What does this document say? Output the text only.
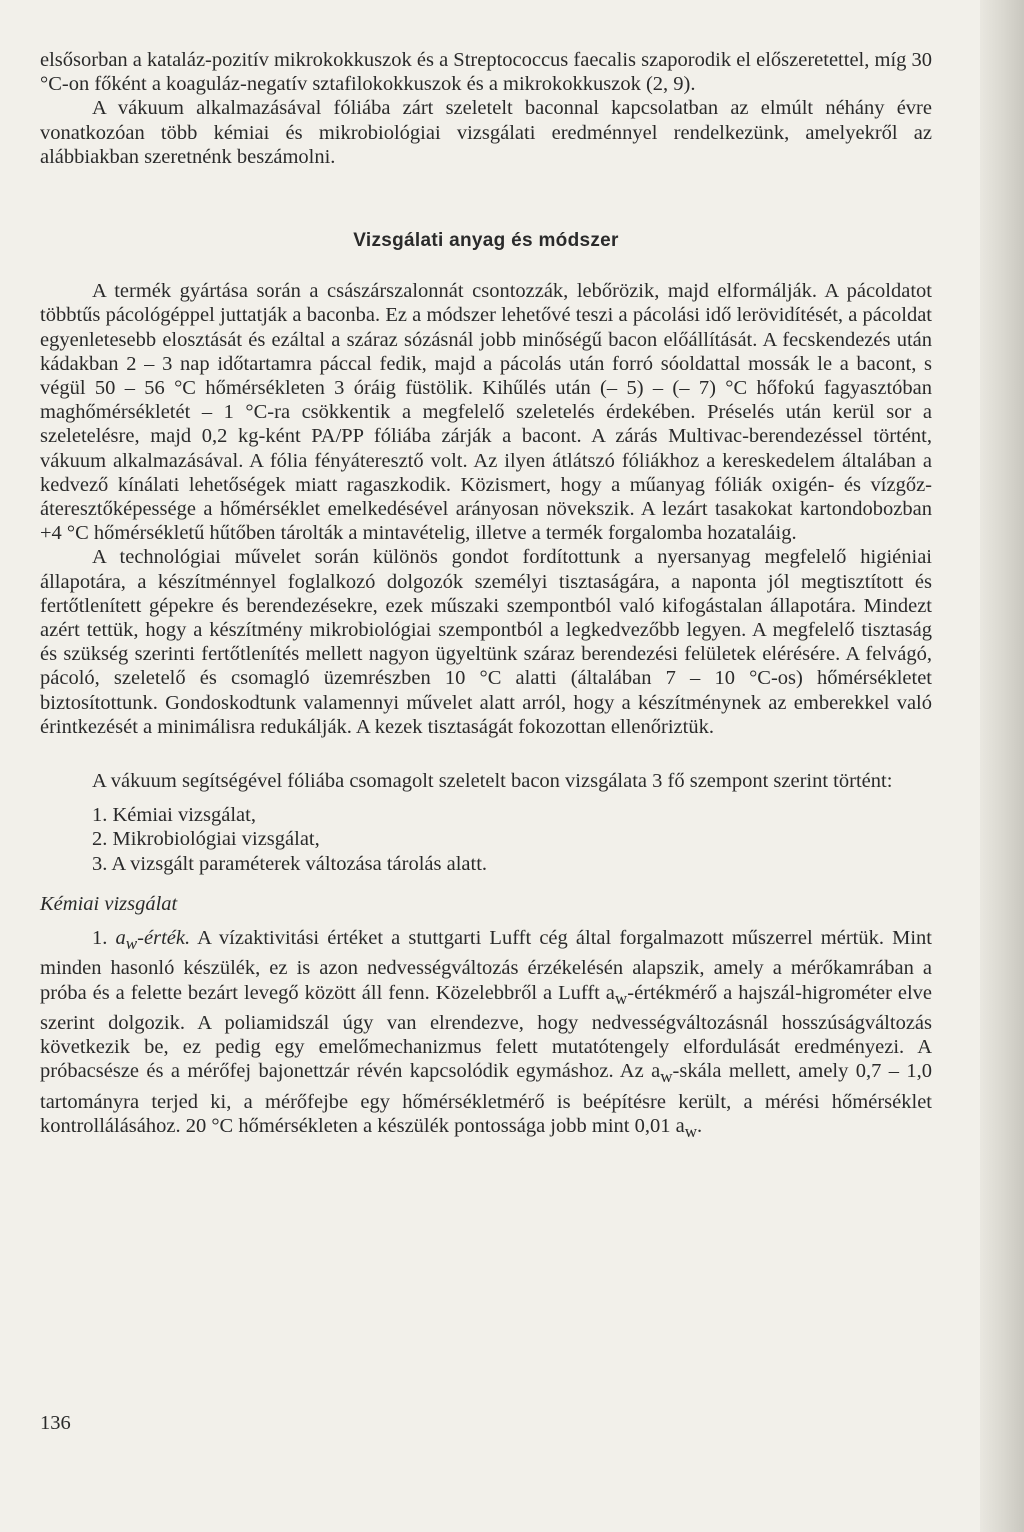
elsősorban a kataláz-pozitív mikrokokkuszok és a Streptococcus faecalis szaporodik el előszeretettel, míg 30 °C-on főként a koaguláz-negatív sztafilokokkuszok és a mikrokokkuszok (2, 9).

A vákuum alkalmazásával fóliába zárt szeletelt baconnal kapcsolatban az elmúlt néhány évre vonatkozóan több kémiai és mikrobiológiai vizsgálati eredménnyel rendelkezünk, amelyekről az alábbiakban szeretnénk beszámolni.

Vizsgálati anyag és módszer

A termék gyártása során a császárszalonnát csontozzák, lebőrözik, majd elformálják. A pácoldatot többtűs pácológéppel juttatják a baconba. Ez a módszer lehetővé teszi a pácolási idő lerövidítését, a pácoldat egyenletesebb elosztását és ezáltal a száraz sózásnál jobb minőségű bacon előállítását. A fecskendezés után kádakban 2 – 3 nap időtartamra páccal fedik, majd a pácolás után forró sóoldattal mossák le a bacont, s végül 50 – 56 °C hőmérsékleten 3 óráig füstölik. Kihűlés után (– 5) – (– 7) °C hőfokú fagyasztóban maghőmérsékletét – 1 °C-ra csökkentik a megfelelő szeletelés érdekében. Préselés után kerül sor a szeletelésre, majd 0,2 kg-ként PA/PP fóliába zárják a bacont. A zárás Multivac-berendezéssel történt, vákuum alkalmazásával. A fólia fényáteresztő volt. Az ilyen átlátszó fóliákhoz a kereskedelem általában a kedvező kínálati lehetőségek miatt ragaszkodik. Közismert, hogy a műanyag fóliák oxigén- és vízgőz-áteresztőképessége a hőmérséklet emelkedésével arányosan növekszik. A lezárt tasakokat kartondobozban +4 °C hőmérsékletű hűtőben tárolták a mintavételig, illetve a termék forgalomba hozataláig.

A technológiai művelet során különös gondot fordítottunk a nyersanyag megfelelő higiéniai állapotára, a készítménnyel foglalkozó dolgozók személyi tisztaságára, a naponta jól megtisztított és fertőtlenített gépekre és berendezésekre, ezek műszaki szempontból való kifogástalan állapotára. Mindezt azért tettük, hogy a készítmény mikrobiológiai szempontból a legkedvezőbb legyen. A megfelelő tisztaság és szükség szerinti fertőtlenítés mellett nagyon ügyeltünk száraz berendezési felületek elérésére. A felvágó, pácoló, szeletelő és csomagló üzemrészben 10 °C alatti (általában 7 – 10 °C-os) hőmérsékletet biztosítottunk. Gondoskodtunk valamennyi művelet alatt arról, hogy a készítménynek az emberekkel való érintkezését a minimálisra redukálják. A kezek tisztaságát fokozottan ellenőriztük.

A vákuum segítségével fóliába csomagolt szeletelt bacon vizsgálata 3 fő szempont szerint történt:

1. Kémiai vizsgálat,
2. Mikrobiológiai vizsgálat,
3. A vizsgált paraméterek változása tárolás alatt.

Kémiai vizsgálat

1. $a_w$-érték. A vízaktivitási értéket a stuttgarti Lufft cég által forgalmazott műszerrel mértük. Mint minden hasonló készülék, ez is azon nedvességváltozás érzékelésén alapszik, amely a mérőkamrában a próba és a felette bezárt levegő között áll fenn. Közelebbről a Lufft $a_w$-értékmérő a hajszál-higrométer elve szerint dolgozik. A poliamidszál úgy van elrendezve, hogy nedvességváltozásnál hosszúságváltozás következik be, ez pedig egy emelőmechanizmus felett mutatótengely elfordulását eredményezi. A próbacsésze és a mérőfej bajonettzár révén kapcsolódik egymáshoz. Az $a_w$-skála mellett, amely 0,7 – 1,0 tartományra terjed ki, a mérőfejbe egy hőmérsékletmérő is beépítésre került, a mérési hőmérséklet kontrollálásához. 20 °C hőmérsékleten a készülék pontossága jobb mint 0,01 $a_w$.

136
